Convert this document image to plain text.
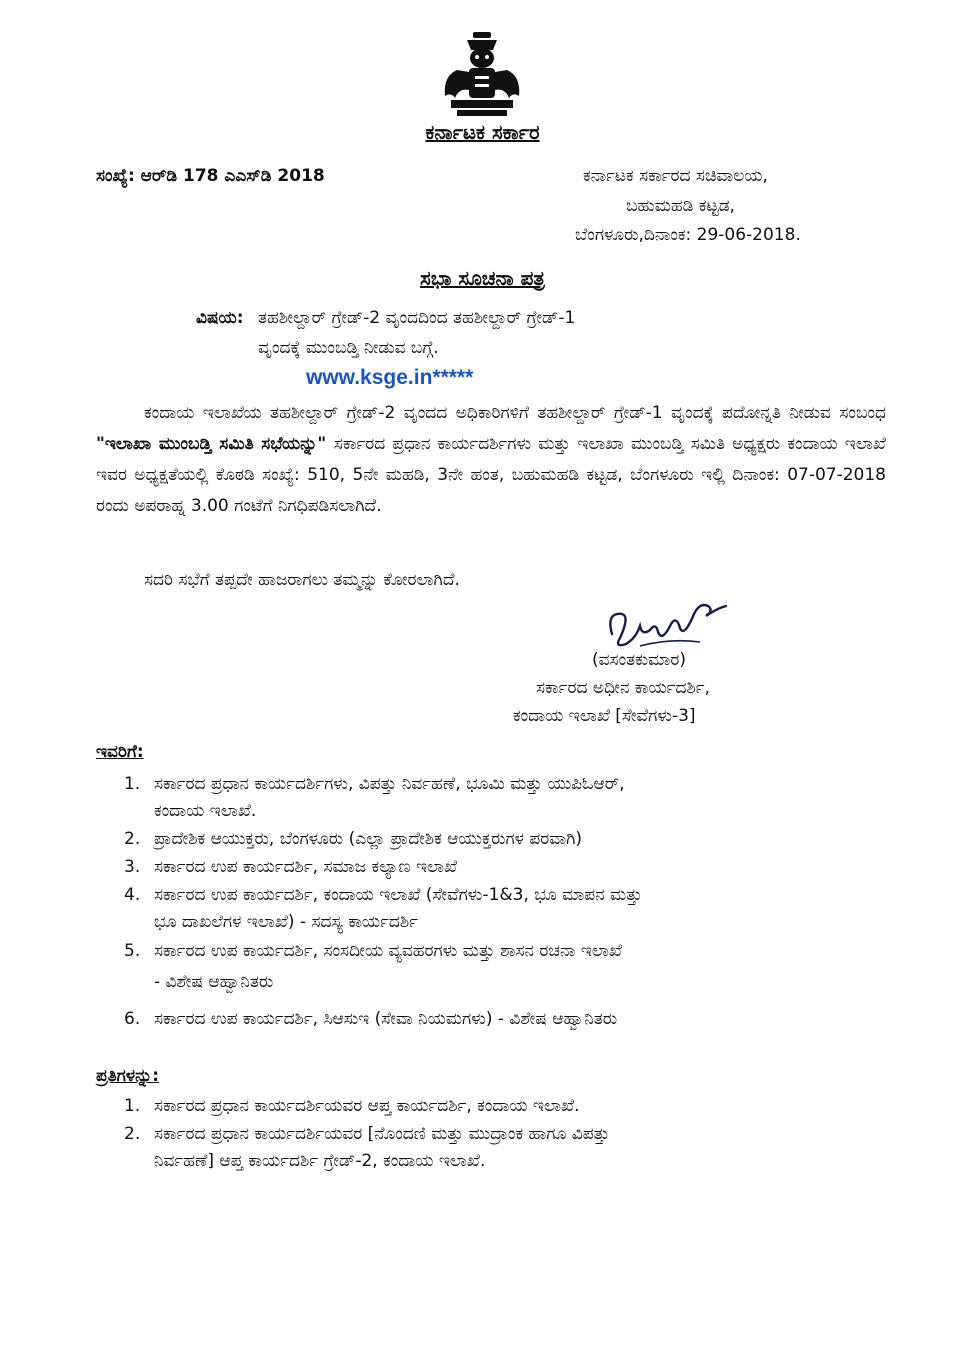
ಕರ್ನಾಟಕ ಸರ್ಕಾರ
ಸಂಖ್ಯೆ: ಆರ್‌ಡಿ 178 ಎಎಸ್‌ಡಿ 2018	ಕರ್ನಾಟಕ ಸರ್ಕಾರದ ಸಚಿವಾಲಯ,
ಬಹುಮಹಡಿ ಕಟ್ಟಡ,
ಬೆಂಗಳೂರು,ದಿನಾಂಕ: 29-06-2018.
ಸಭಾ ಸೂಚನಾ ಪತ್ರ
ವಿಷಯ: ತಹಶೀಲ್ದಾರ್ ಗ್ರೇಡ್-2 ವೃಂದದಿಂದ ತಹಶೀಲ್ದಾರ್ ಗ್ರೇಡ್-1
ವೃಂದಕ್ಕೆ ಮುಂಬಡ್ತಿ ನೀಡುವ ಬಗ್ಗೆ.
www.ksge.in*****
ಕಂದಾಯ ಇಲಾಖೆಯ ತಹಶೀಲ್ದಾರ್ ಗ್ರೇಡ್-2 ವೃಂದದ ಅಧಿಕಾರಿಗಳಿಗೆ ತಹಶೀಲ್ದಾರ್ ಗ್ರೇಡ್-1 ವೃಂದಕ್ಕೆ ಪದೋನ್ನತಿ ನೀಡುವ ಸಂಬಂಧ "ಇಲಾಖಾ ಮುಂಬಡ್ತಿ ಸಮಿತಿ ಸಭೆಯನ್ನು" ಸರ್ಕಾರದ ಪ್ರಧಾನ ಕಾರ್ಯದರ್ಶಿಗಳು ಮತ್ತು ಇಲಾಖಾ ಮುಂಬಡ್ತಿ ಸಮಿತಿ ಅಧ್ಯಕ್ಷರು ಕಂದಾಯ ಇಲಾಖೆ ಇವರ ಅಧ್ಯಕ್ಷತೆಯಲ್ಲಿ ಕೊಠಡಿ ಸಂಖ್ಯೆ: 510, 5ನೇ ಮಹಡಿ, 3ನೇ ಹಂತ, ಬಹುಮಹಡಿ ಕಟ್ಟಡ, ಬೆಂಗಳೂರು ಇಲ್ಲಿ ದಿನಾಂಕ: 07-07-2018 ರಂದು ಅಪರಾಹ್ನ 3.00 ಗಂಟೆಗೆ ನಿಗಧಿಪಡಿಸಲಾಗಿದೆ.
ಸದರಿ ಸಭೆಗೆ ತಪ್ಪದೇ ಹಾಜರಾಗಲು ತಮ್ಮನ್ನು ಕೋರಲಾಗಿದೆ.
(ವಸಂತಕುಮಾರ)
ಸರ್ಕಾರದ ಅಧೀನ ಕಾರ್ಯದರ್ಶಿ,
ಕಂದಾಯ ಇಲಾಖೆ [ಸೇವೆಗಳು-3]
ಇವರಿಗೆ:
1. ಸರ್ಕಾರದ ಪ್ರಧಾನ ಕಾರ್ಯದರ್ಶಿಗಳು, ವಿಪತ್ತು ನಿರ್ವಹಣೆ, ಭೂಮಿ ಮತ್ತು ಯುಪಿಓಆರ್,
ಕಂದಾಯ ಇಲಾಖೆ.
2. ಪ್ರಾದೇಶಿಕ ಆಯುಕ್ತರು, ಬೆಂಗಳೂರು (ಎಲ್ಲಾ ಪ್ರಾದೇಶಿಕ ಆಯುಕ್ತರುಗಳ ಪರವಾಗಿ)
3. ಸರ್ಕಾರದ ಉಪ ಕಾರ್ಯದರ್ಶಿ, ಸಮಾಜ ಕಲ್ಯಾಣ ಇಲಾಖೆ
4. ಸರ್ಕಾರದ ಉಪ ಕಾರ್ಯದರ್ಶಿ, ಕಂದಾಯ ಇಲಾಖೆ (ಸೇವೆಗಳು-1&3, ಭೂ ಮಾಪನ ಮತ್ತು
ಭೂ ದಾಖಲೆಗಳ ಇಲಾಖೆ) - ಸದಸ್ಯ ಕಾರ್ಯದರ್ಶಿ
5. ಸರ್ಕಾರದ ಉಪ ಕಾರ್ಯದರ್ಶಿ, ಸಂಸದೀಯ ವ್ಯವಹರಗಳು ಮತ್ತು ಶಾಸನ ರಚನಾ ಇಲಾಖೆ
- ವಿಶೇಷ ಆಹ್ವಾನಿತರು
6. ಸರ್ಕಾರದ ಉಪ ಕಾರ್ಯದರ್ಶಿ, ಸಿಆಸುಇ (ಸೇವಾ ನಿಯಮಗಳು) - ವಿಶೇಷ ಆಹ್ವಾನಿತರು
ಪ್ರತಿಗಳನ್ನು:
1. ಸರ್ಕಾರದ ಪ್ರಧಾನ ಕಾರ್ಯದರ್ಶಿಯವರ ಆಪ್ತ ಕಾರ್ಯದರ್ಶಿ, ಕಂದಾಯ ಇಲಾಖೆ.
2. ಸರ್ಕಾರದ ಪ್ರಧಾನ ಕಾರ್ಯದರ್ಶಿಯವರ [ನೊಂದಣಿ ಮತ್ತು ಮುದ್ರಾಂಕ ಹಾಗೂ ವಿಪತ್ತು
ನಿರ್ವಹಣೆ] ಆಪ್ತ ಕಾರ್ಯದರ್ಶಿ ಗ್ರೇಡ್-2, ಕಂದಾಯ ಇಲಾಖೆ.
